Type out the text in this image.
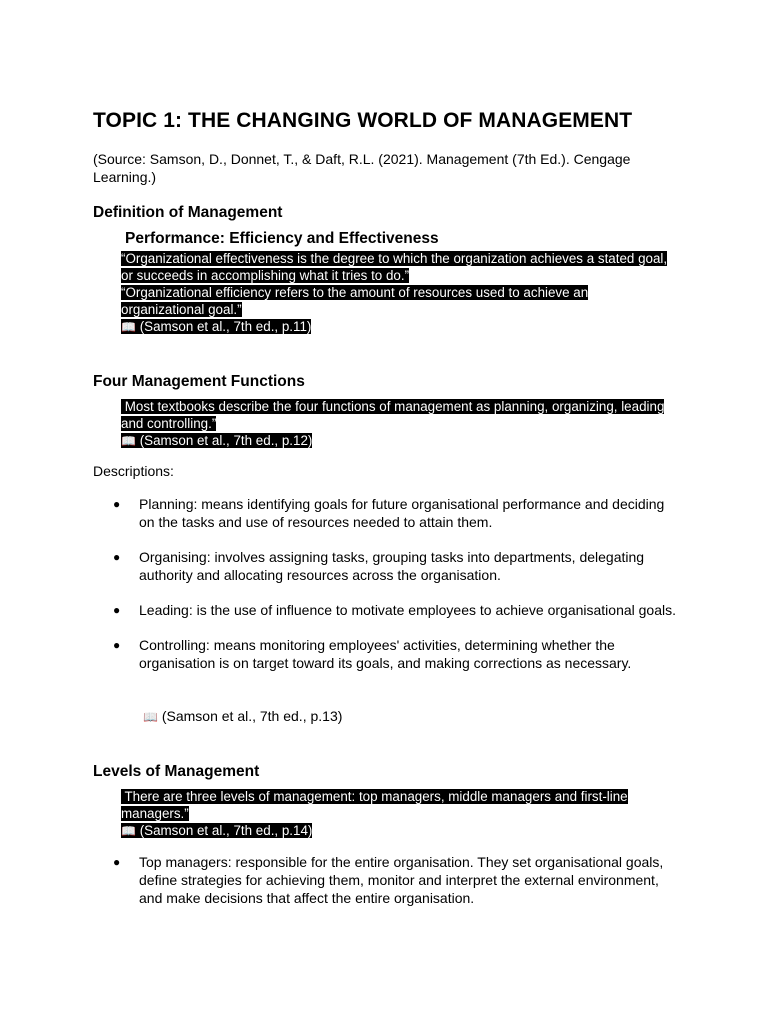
TOPIC 1: THE CHANGING WORLD OF MANAGEMENT
(Source: Samson, D., Donnet, T., & Daft, R.L. (2021). Management (7th Ed.). Cengage Learning.)
Definition of Management
Performance: Efficiency and Effectiveness
“Organizational effectiveness is the degree to which the organization achieves a stated goal,
or succeeds in accomplishing what it tries to do.”
“Organizational efficiency refers to the amount of resources used to achieve an
organizational goal.”
📖 (Samson et al., 7th ed., p.11)
Four Management Functions
Most textbooks describe the four functions of management as planning, organizing, leading
and controlling.”
📖 (Samson et al., 7th ed., p.12)
Descriptions:
● Planning: means identifying goals for future organisational performance and deciding on the tasks and use of resources needed to attain them.
● Organising: involves assigning tasks, grouping tasks into departments, delegating authority and allocating resources across the organisation.
● Leading: is the use of influence to motivate employees to achieve organisational goals.
● Controlling: means monitoring employees' activities, determining whether the organisation is on target toward its goals, and making corrections as necessary.
📖 (Samson et al., 7th ed., p.13)
Levels of Management
There are three levels of management: top managers, middle managers and first-line
managers.”
📖 (Samson et al., 7th ed., p.14)
● Top managers: responsible for the entire organisation. They set organisational goals, define strategies for achieving them, monitor and interpret the external environment, and make decisions that affect the entire organisation.
